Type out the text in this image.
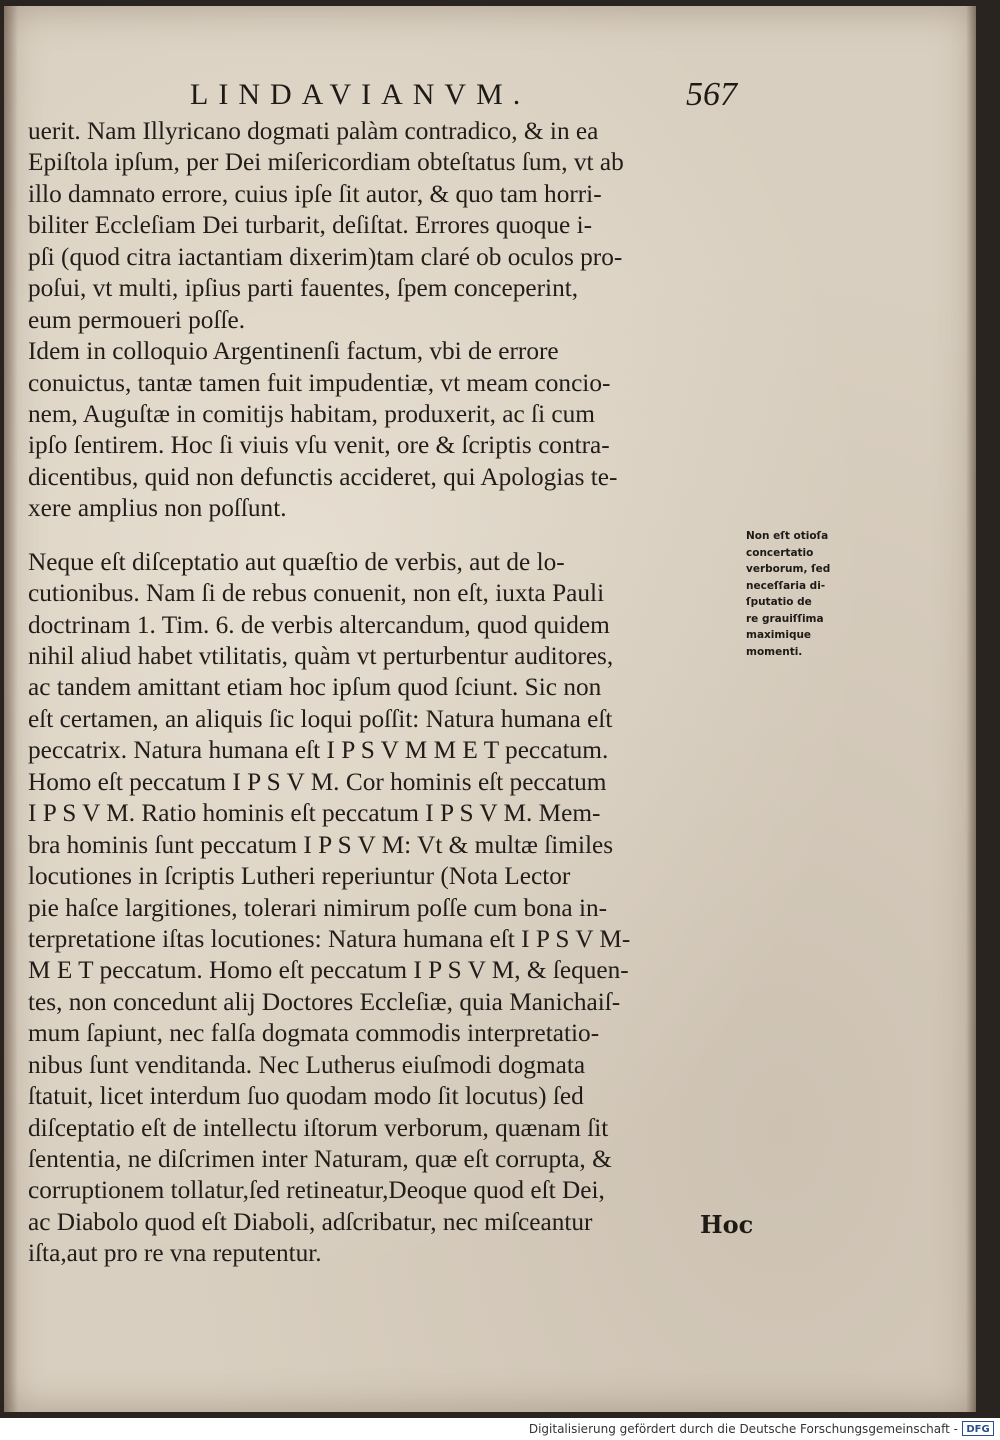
LINDAVIANVM.	567
uerit. Nam Illyricano dogmati palàm contradico, & in ea
Epiſtola ipſum, per Dei miſericordiam obteſtatus ſum, vt ab
illo damnato errore, cuius ipſe ſit autor, & quo tam horri-
biliter Eccleſiam Dei turbarit, deſiſtat. Errores quoque i-
pſi (quod citra iactantiam dixerim)tam claré ob oculos pro-
poſui, vt multi, ipſius parti fauentes, ſpem conceperint,
eum permoueri poſſe.
Idem in colloquio Argentinenſi factum, vbi de errore
conuictus, tantæ tamen fuit impudentiæ, vt meam concio-
nem, Auguſtæ in comitijs habitam, produxerit, ac ſi cum
ipſo ſentirem. Hoc ſi viuis vſu venit, ore & ſcriptis contra-
dicentibus, quid non defunctis accideret, qui Apologias te-
xere amplius non poſſunt.
Neque eſt diſceptatio aut quæſtio de verbis, aut de lo-
cutionibus. Nam ſi de rebus conuenit, non eſt, iuxta Pauli
doctrinam 1. Tim. 6. de verbis altercandum, quod quidem
nihil aliud habet vtilitatis, quàm vt perturbentur auditores,
ac tandem amittant etiam hoc ipſum quod ſciunt. Sic non
eſt certamen, an aliquis ſic loqui poſſit: Natura humana eſt
peccatrix. Natura humana eſt I P S V M M E T peccatum.
Homo eſt peccatum I P S V M. Cor hominis eſt peccatum
I P S V M. Ratio hominis eſt peccatum I P S V M. Mem-
bra hominis ſunt peccatum I P S V M: Vt & multæ ſimiles
locutiones in ſcriptis Lutheri reperiuntur (Nota Lector
pie haſce largitiones, tolerari nimirum poſſe cum bona in-
terpretatione iſtas locutiones: Natura humana eſt I P S V M-
M E T peccatum. Homo eſt peccatum I P S V M, & ſequen-
tes, non concedunt alij Doctores Eccleſiæ, quia Manichaiſ-
mum ſapiunt, nec falſa dogmata commodis interpretatio-
nibus ſunt venditanda. Nec Lutherus eiuſmodi dogmata
ſtatuit, licet interdum ſuo quodam modo ſit locutus) ſed
diſceptatio eſt de intellectu iſtorum verborum, quænam ſit
ſententia, ne diſcrimen inter Naturam, quæ eſt corrupta, &
corruptionem tollatur,ſed retineatur,Deoque quod eſt Dei,
ac Diabolo quod eſt Diaboli, adſcribatur, nec miſceantur
iſta,aut pro re vna reputentur.
Non eſt otioſa
concertatio
verborum, ſed
neceſſaria di-
ſputatio de
re grauiſſima
maximique
momenti.
Hoc
Digitalisierung gefördert durch die Deutsche Forschungsgemeinschaft - DFG
